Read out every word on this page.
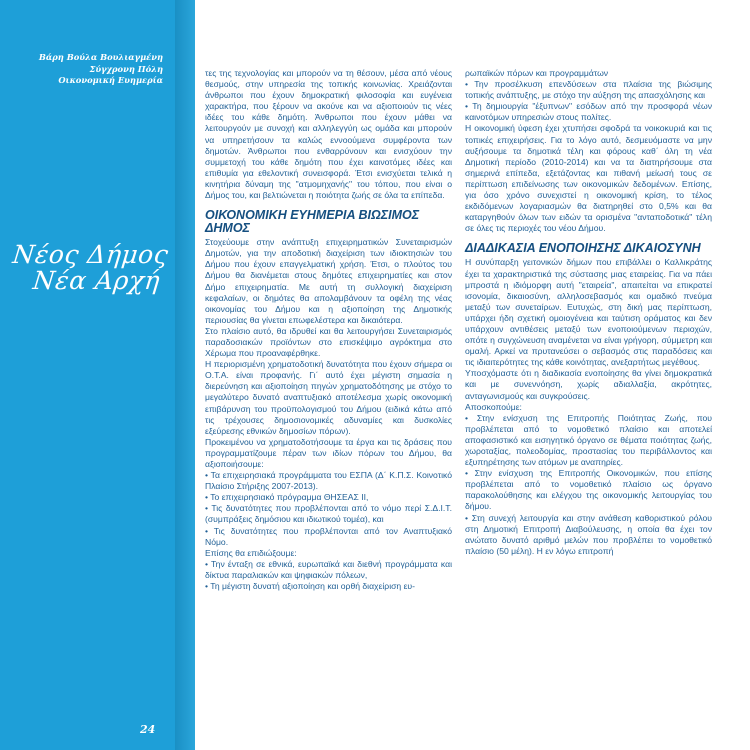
Βάρη Βούλα Βουλιαγμένη
Σύγχρονη Πόλη
Οικονομική Ευημερία
Νέος Δήμος
Νέα Αρχή
24

τες της τεχνολογίας και μπορούν να τη θέσουν, μέσα από νέους θεσμούς, στην υπηρεσία της τοπικής κοινωνίας. Χρειάζονται άνθρωποι που έχουν δημοκρατική φιλοσοφία και ευγένεια χαρακτήρα, που ξέρουν να ακούνε και να αξιοποιούν τις νέες ιδέες του κάθε δημότη. Άνθρωποι που έχουν μάθει να λειτουργούν με συνοχή και αλληλεγγύη ως ομάδα και μπορούν να υπηρετήσουν τα καλώς εννοούμενα συμφέροντα των δημοτών. Άνθρωποι που ενθαρρύνουν και ενισχύουν την συμμετοχή του κάθε δημότη που έχει καινοτόμες ιδέες και επιθυμία για εθελοντική συνεισφορά. Έτσι ενισχύεται τελικά η κινητήρια δύναμη της "ατμομηχανής" του τόπου, που είναι ο Δήμος του, και βελτιώνεται η ποιότητα ζωής σε όλα τα επίπεδα.

ΟΙΚΟΝΟΜΙΚΗ ΕΥΗΜΕΡΙΑ ΒΙΩΣΙΜΟΣ ΔΗΜΟΣ

Στοχεύουμε στην ανάπτυξη επιχειρηματικών Συνεταιρισμών Δημοτών, για την αποδοτική διαχείριση των ιδιοκτησιών του Δήμου που έχουν επαγγελματική χρήση. Έτσι, ο πλούτος του Δήμου θα διανέμεται στους δημότες επιχειρηματίες και στον Δήμο επιχειρηματία. Με αυτή τη συλλογική διαχείριση κεφαλαίων, οι δημότες θα απολαμβάνουν τα οφέλη της νέας οικονομίας του Δήμου και η αξιοποίηση της Δημοτικής περιουσίας θα γίνεται επωφελέστερα και δικαιότερα.

Στο πλαίσιο αυτό, θα ιδρυθεί και θα λειτουργήσει Συνεταιρισμός παραδοσιακών προϊόντων στο επισκέψιμο αγρόκτημα στο Χέρωμα που προαναφέρθηκε.

Η περιορισμένη χρηματοδοτική δυνατότητα που έχουν σήμερα οι Ο.Τ.Α. είναι προφανής. Γι΄ αυτό έχει μέγιστη σημασία η διερεύνηση και αξιοποίηση πηγών χρηματοδότησης με στόχο το μεγαλύτερο δυνατό αναπτυξιακό αποτέλεσμα χωρίς οικονομική επιβάρυνση του προϋπολογισμού του Δήμου (ειδικά κάτω από τις τρέχουσες δημοσιονομικές αδυναμίες και δυσκολίες εξεύρεσης εθνικών δημοσίων πόρων).

Προκειμένου να χρηματοδοτήσουμε τα έργα και τις δράσεις που προγραμματίζουμε πέραν των ιδίων πόρων του Δήμου, θα αξιοποιήσουμε:

• Τα επιχειρησιακά προγράμματα του ΕΣΠΑ (Δ΄ Κ.Π.Σ. Κοινοτικό Πλαίσιο Στήριξης 2007-2013).

• Το επιχειρησιακό πρόγραμμα ΘΗΣΕΑΣ ΙΙ,

• Τις δυνατότητες που προβλέπονται από το νόμο περί Σ.Δ.Ι.Τ. (συμπράξεις δημόσιου και ιδιωτικού τομέα), και

• Τις δυνατότητες που προβλέπονται από τον Αναπτυξιακό Νόμο.

Επίσης θα επιδιώξουμε:

• Την ένταξη σε εθνικά, ευρωπαϊκά και διεθνή προγράμματα και δίκτυα παραλιακών και ψηφιακών πόλεων,

• Τη μέγιστη δυνατή αξιοποίηση και ορθή διαχείριση ευ-

ρωπαϊκών πόρων και προγραμμάτων

• Την προσέλκυση επενδύσεων στα πλαίσια της βιώσιμης τοπικής ανάπτυξης, με στόχο την αύξηση της απασχόλησης και

• Τη δημιουργία "έξυπνων" εσόδων από την προσφορά νέων καινοτόμων υπηρεσιών στους πολίτες.

Η οικονομική ύφεση έχει χτυπήσει σφοδρά τα νοικοκυριά και τις τοπικές επιχειρήσεις. Για το λόγο αυτό, δεσμευόμαστε να μην αυξήσουμε τα δημοτικά τέλη και φόρους καθ΄ όλη τη νέα Δημοτική περίοδο (2010-2014) και να τα διατηρήσουμε στα σημερινά επίπεδα, εξετάζοντας και πιθανή μείωσή τους σε περίπτωση επιδείνωσης των οικονομικών δεδομένων. Επίσης, για όσο χρόνο συνεχιστεί η οικονομική κρίση, το τέλος εκδιδόμενων λογαριασμών θα διατηρηθεί στο 0,5% και θα καταργηθούν όλων των ειδών τα ορισμένα "ανταποδοτικά" τέλη σε όλες τις περιοχές του νέου Δήμου.

ΔΙΑΔΙΚΑΣΙΑ ΕΝΟΠΟΙΗΣΗΣ ΔΙΚΑΙΟΣΥΝΗ

Η συνύπαρξη γειτονικών δήμων που επιβάλλει ο Καλλικράτης έχει τα χαρακτηριστικά της σύστασης μιας εταιρείας. Για να πάει μπροστά η ιδιόμορφη αυτή "εταιρεία", απαιτείται να επικρατεί ισονομία, δικαιοσύνη, αλληλοσεβασμός και ομαδικό πνεύμα μεταξύ των συνεταίρων. Ευτυχώς, στη δική μας περίπτωση, υπάρχει ήδη σχετική ομοιογένεια και ταύτιση οράματος και δεν υπάρχουν αντιθέσεις μεταξύ των ενοποιούμενων περιοχών, οπότε η συγχώνευση αναμένεται να είναι γρήγορη, σύμμετρη και ομαλή. Αρκεί να πρυτανεύσει ο σεβασμός στις παραδόσεις και τις ιδιαιτερότητες της κάθε κοινότητας, ανεξαρτήτως μεγέθους.

Υποσχόμαστε ότι η διαδικασία ενοποίησης θα γίνει δημοκρατικά και με συνεννόηση, χωρίς αδιαλλαξία, ακρότητες, ανταγωνισμούς και συγκρούσεις.

Αποσκοπούμε:

• Στην ενίσχυση της Επιτροπής Ποιότητας Ζωής, που προβλέπεται από το νομοθετικό πλαίσιο και αποτελεί αποφασιστικό και εισηγητικό όργανο σε θέματα ποιότητας ζωής, χωροταξίας, πολεοδομίας, προστασίας του περιβάλλοντος και εξυπηρέτησης των ατόμων με αναπηρίες.

• Στην ενίσχυση της Επιτροπής Οικονομικών, που επίσης προβλέπεται από το νομοθετικό πλαίσιο ως όργανο παρακολούθησης και ελέγχου της οικονομικής λειτουργίας του δήμου.

• Στη συνεχή λειτουργία και στην ανάθεση καθοριστικού ρόλου στη Δημοτική Επιτροπή Διαβούλευσης, η οποία θα έχει τον ανώτατο δυνατό αριθμό μελών που προβλέπει το νομοθετικό πλαίσιο (50 μέλη). Η εν λόγω επιτροπή
